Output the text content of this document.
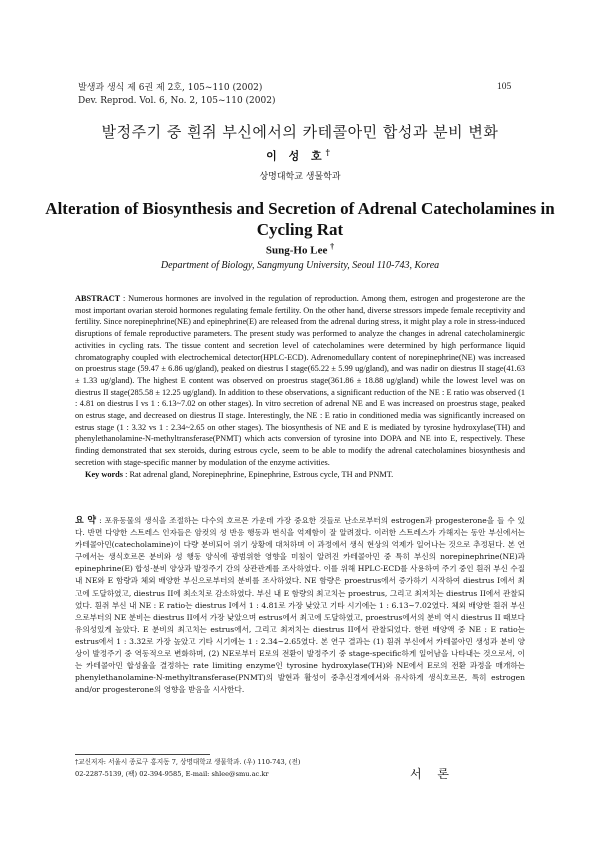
발생과 생식 제 6권 제 2호, 105~110 (2002)
Dev. Reprod. Vol. 6, No. 2, 105~110 (2002)
105
발정주기 중 흰쥐 부신에서의 카테콜아민 합성과 분비 변화
이 성 호†
상명대학교 생물학과
Alteration of Biosynthesis and Secretion of Adrenal Catecholamines in Cycling Rat
Sung-Ho Lee †
Department of Biology, Sangmyung University, Seoul 110-743, Korea
ABSTRACT : Numerous hormones are involved in the regulation of reproduction. Among them, estrogen and progesterone are the most important ovarian steroid hormones regulating female fertility. On the other hand, diverse stressors impede female receptivity and fertility. Since norepinephrine(NE) and epinephrine(E) are released from the adrenal during stress, it might play a role in stress-induced disruptions of female reproductive parameters. The present study was performed to analyze the changes in adrenal catecholaminergic activities in cycling rats. The tissue content and secretion level of catecholamines were determined by high performance liquid chromatography coupled with electrochemical detector(HPLC-ECD). Adrenomedullary content of norepinephrine(NE) was increased on proestrus stage (59.47 ± 6.86 ug/gland), peaked on diestrus I stage(65.22 ± 5.99 ug/gland), and was nadir on diestrus II stage(41.63 ± 1.33 ug/gland). The highest E content was observed on proestrus stage(361.86 ± 18.88 ug/gland) while the lowest level was on diestrus II stage(285.58 ± 12.25 ug/gland). In addition to these observations, a significant reduction of the NE : E ratio was observed (1 : 4.81 on diestrus I vs 1 : 6.13~7.02 on other stages). In vitro secretion of adrenal NE and E was increased on proestrus stage, peaked on estrus stage, and decreased on diestrus II stage. Interestingly, the NE : E ratio in conditioned media was significantly increased on estrus stage (1 : 3.32 vs 1 : 2.34~2.65 on other stages). The biosynthesis of NE and E is mediated by tyrosine hydroxylase(TH) and phenylethanolamine-N-methyltransferase(PNMT) which acts conversion of tyrosine into DOPA and NE into E, respectively. These finding demonstrated that sex steroids, during estrous cycle, seem to be able to modify the adrenal catecholamines biosynthesis and secretion with stage-specific manner by modulation of the enzyme activities.
Key words : Rat adrenal gland, Norepinephrine, Epinephrine, Estrous cycle, TH and PNMT.
요 약 : 포유동물의 생식을 조절하는 다수의 호르몬 가운데 가장 중요한 것들로 난소로부터의 estrogen과 progesterone을 들 수 있다. 반면 다양한 스트레스 인자들은 암컷의 성 반응 행동과 번식을 억제함이 잘 알려졌다. 이러한 스트레스가 가해지는 동안 부신에서는 카테콜아민(catecholamine)이 다량 분비되어 위기 상황에 대처하며 이 과정에서 생식 현상의 억제가 일어나는 것으로 추정된다. 본 연구에서는 생식호르몬 분비와 성 행동 양식에 광범위한 영향을 미침이 알려진 카테콜아민 중 특히 부신의 norepinephrine(NE)과 epinephrine(E) 합성·분비 양상과 발정주기 간의 상관관계를 조사하였다. 이를 위해 HPLC-ECD를 사용하여 주기 중인 흰쥐 부신 수질내 NE와 E 함량과 체외 배양한 부신으로부터의 분비를 조사하였다. NE 함량은 proestrus에서 증가하기 시작하여 diestrus I에서 최고에 도달하였고, diestrus II에 최소치로 감소하였다. 부신 내 E 함량의 최고치는 proestrus, 그리고 최저치는 diestrus II에서 관찰되었다. 흰쥐 부신 내 NE : E ratio는 diestrus I에서 1 : 4.81로 가장 낮았고 기타 시기에는 1 : 6.13~7.02였다. 체외 배양한 흰쥐 부신으로부터의 NE 분비는 diestrus II에서 가장 낮았으며 estrus에서 최고에 도달하였고, proestrus에서의 분비 역시 diestrus II 때보다 유의성있게 높았다. E 분비의 최고치는 estrus에서, 그리고 최저치는 diestrus II에서 관찰되었다. 한편 배양액 중 NE : E ratio는 estrus에서 1 : 3.32로 가장 높았고 기타 시기에는 1 : 2.34~2.65였다. 본 연구 결과는 (1) 흰쥐 부신에서 카테콜아민 생성과 분비 양상이 발정주기 중 역동적으로 변화하며, (2) NE로부터 E로의 전환이 발정주기 중 stage-specific하게 일어남을 나타내는 것으로서, 이는 카테콜아민 합성율을 결정하는 rate limiting enzyme인 tyrosine hydroxylase(TH)와 NE에서 E로의 전환 과정을 매개하는 phenylethanolamine-N-methyltransferase(PNMT)의 발현과 활성이 중추신경계에서와 유사하게 생식호르몬, 특히 estrogen and/or progesterone의 영향을 받음을 시사한다.
†교신저자: 서울시 종로구 홍지동 7, 상명대학교 생물학과. (우) 110-743, (전) 02-2287-5139, (팩) 02-394-9585, E-mail: shlee@smu.ac.kr	서 론
